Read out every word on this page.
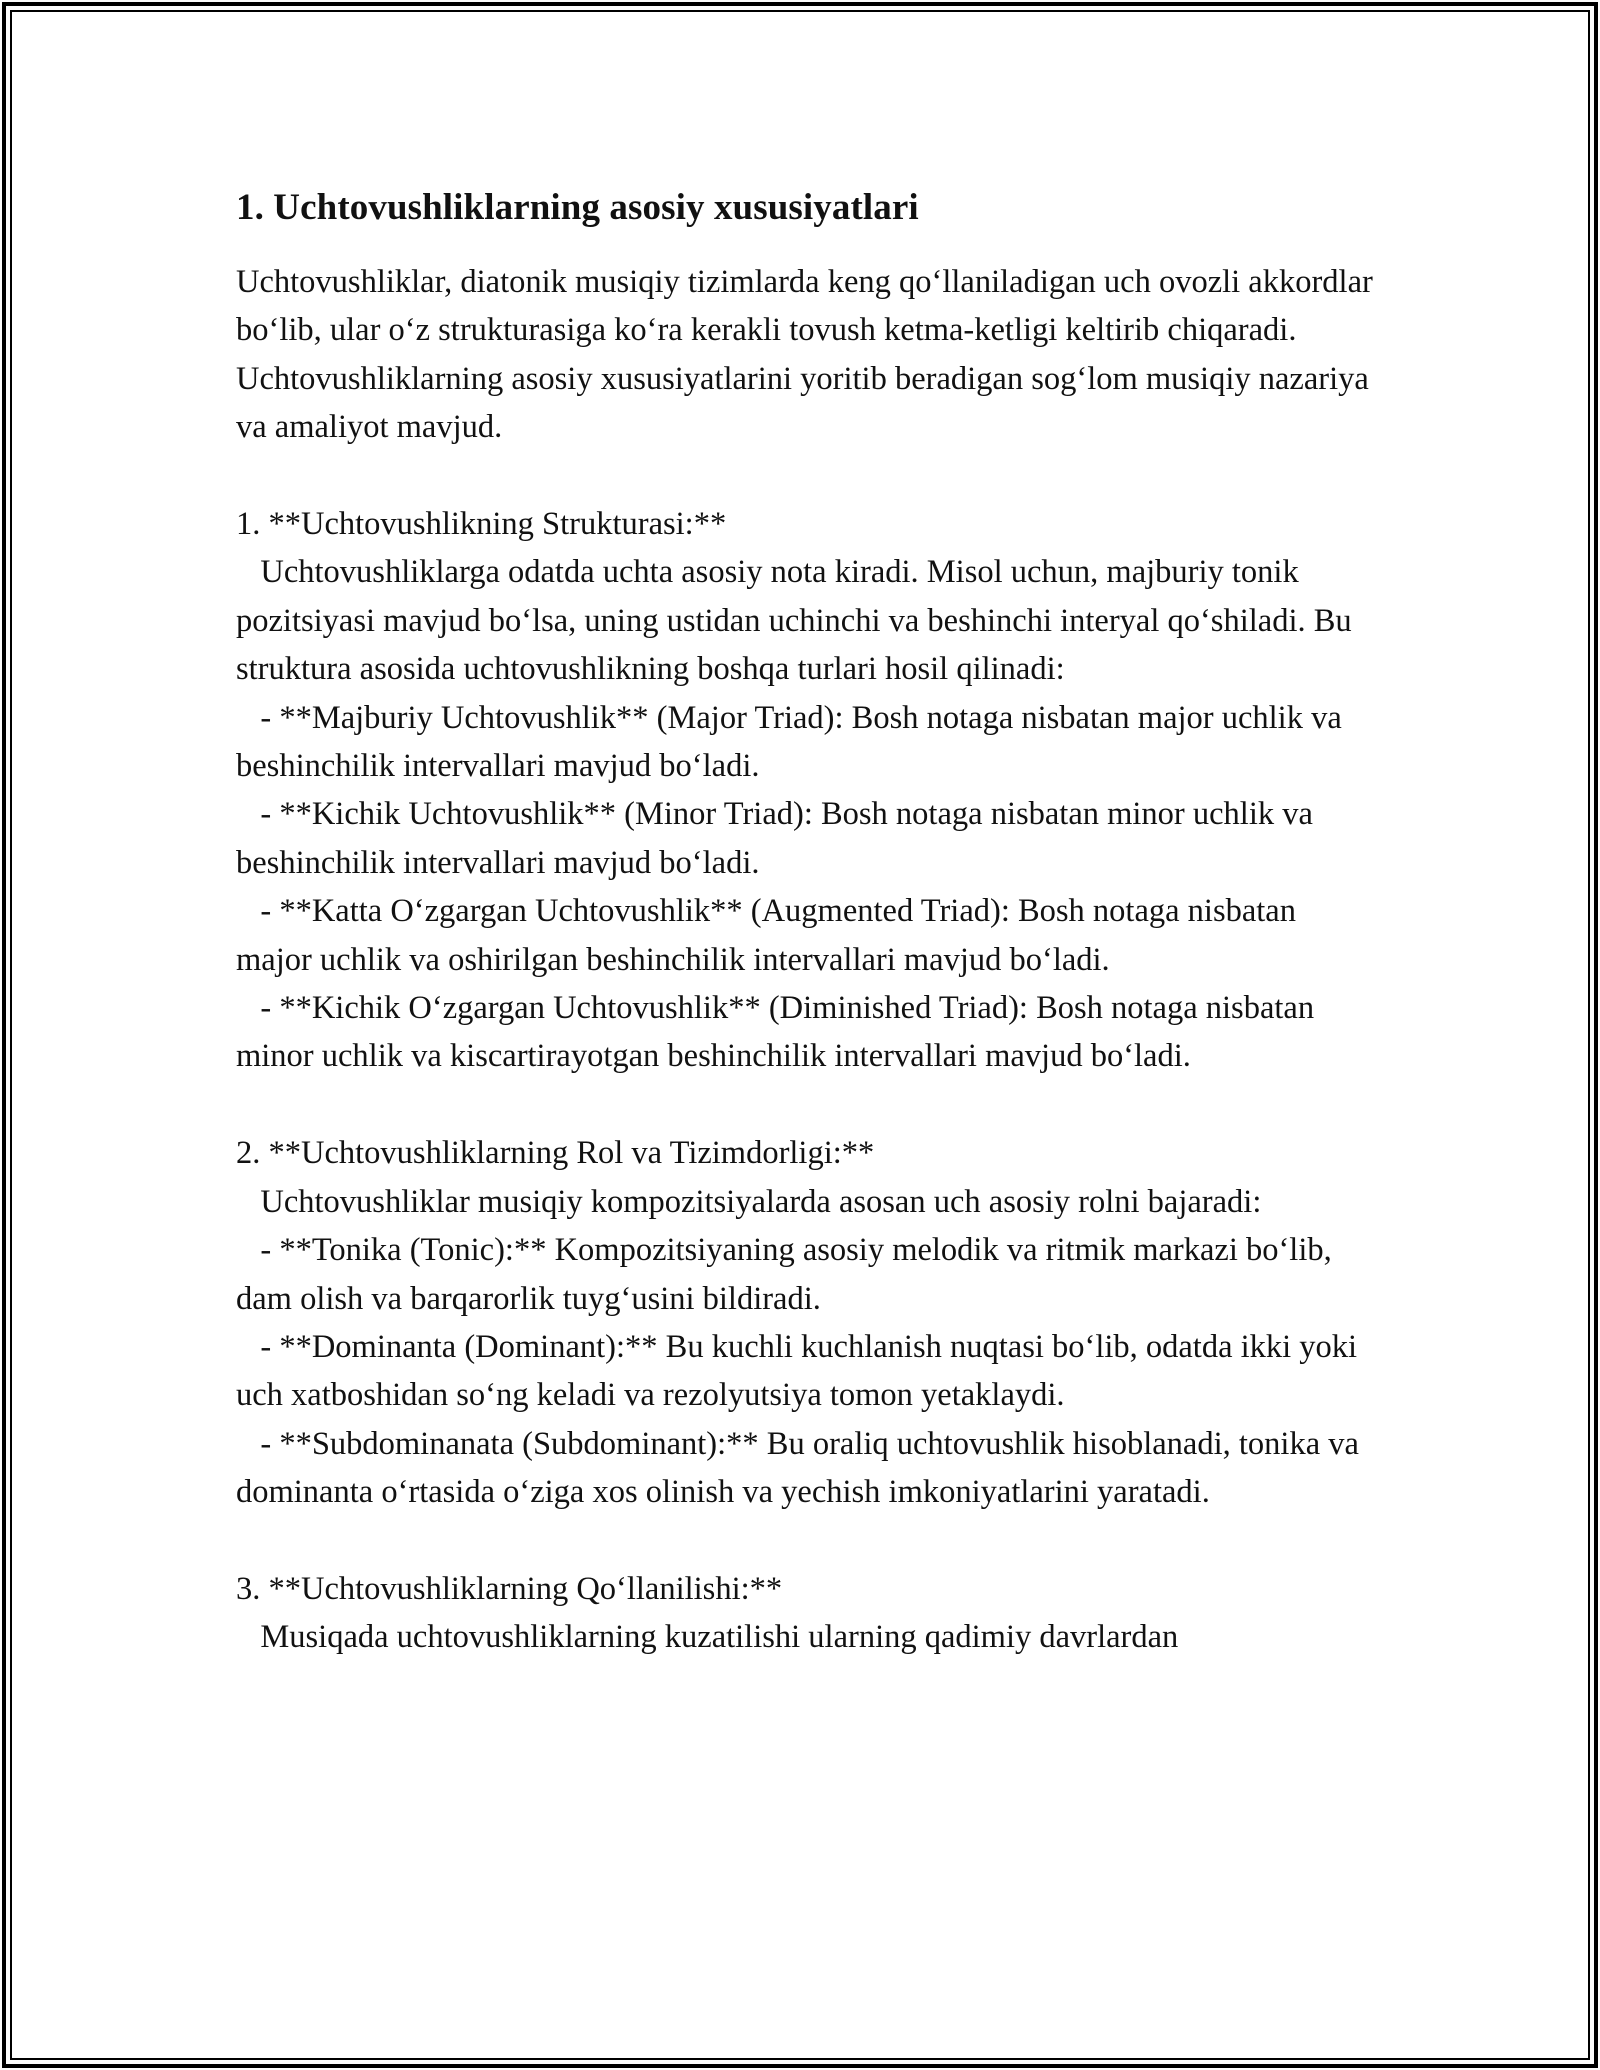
1. Uchtovushliklarning asosiy xususiyatlari

Uchtovushliklar, diatonik musiqiy tizimlarda keng qo‘llaniladigan uch ovozli akkordlar bo‘lib, ular o‘z strukturasiga ko‘ra kerakli tovush ketma-ketligi keltirib chiqaradi. Uchtovushliklarning asosiy xususiyatlarini yoritib beradigan sog‘lom musiqiy nazariya va amaliyot mavjud.

1. **Uchtovushlikning Strukturasi:**

Uchtovushliklarga odatda uchta asosiy nota kiradi. Misol uchun, majburiy tonik pozitsiyasi mavjud bo‘lsa, uning ustidan uchinchi va beshinchi interyal qo‘shiladi. Bu struktura asosida uchtovushlikning boshqa turlari hosil qilinadi:

- **Majburiy Uchtovushlik** (Major Triad): Bosh notaga nisbatan major uchlik va beshinchilik intervallari mavjud bo‘ladi.

- **Kichik Uchtovushlik** (Minor Triad): Bosh notaga nisbatan minor uchlik va beshinchilik intervallari mavjud bo‘ladi.

- **Katta O‘zgargan Uchtovushlik** (Augmented Triad): Bosh notaga nisbatan major uchlik va oshirilgan beshinchilik intervallari mavjud bo‘ladi.

- **Kichik O‘zgargan Uchtovushlik** (Diminished Triad): Bosh notaga nisbatan minor uchlik va kiscartirayotgan beshinchilik intervallari mavjud bo‘ladi.

2. **Uchtovushliklarning Rol va Tizimdorligi:**

Uchtovushliklar musiqiy kompozitsiyalarda asosan uch asosiy rolni bajaradi:

- **Tonika (Tonic):** Kompozitsiyaning asosiy melodik va ritmik markazi bo‘lib, dam olish va barqarorlik tuyg‘usini bildiradi.

- **Dominanta (Dominant):** Bu kuchli kuchlanish nuqtasi bo‘lib, odatda ikki yoki uch xatboshidan so‘ng keladi va rezolyutsiya tomon yetaklaydi.

- **Subdominanata (Subdominant):** Bu oraliq uchtovushlik hisoblanadi, tonika va dominanta o‘rtasida o‘ziga xos olinish va yechish imkoniyatlarini yaratadi.

3. **Uchtovushliklarning Qo‘llanilishi:**

Musiqada uchtovushliklarning kuzatilishi ularning qadimiy davrlardan
